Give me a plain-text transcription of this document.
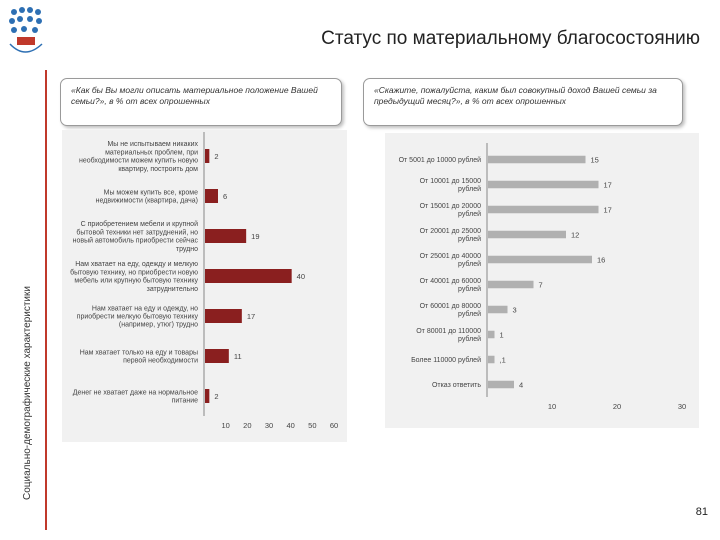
Статус по материальному благосостоянию
Социально-демографические характеристики
«Как бы Вы могли описать материальное положение Вашей семьи?», в % от всех опрошенных
«Скажите, пожалуйста, каким был совокупный доход Вашей семьи за предыдущий месяц?», в % от всех опрошенных
Мы не испытываем никаких
материальных проблем, при
необходимости можем купить новую
квартиру, построить дом
2
Мы можем купить все, кроме
недвижимости (квартира, дача)
6
С приобретением мебели и крупной
бытовой техники нет затруднений, но
новый автомобиль приобрести сейчас
трудно
19
Нам хватает на еду, одежду и мелкую
бытовую технику, но приобрести новую
мебель или крупную бытовую технику
затруднительно
40
Нам хватает на еду и одежду, но
приобрести мелкую бытовую технику
(например, утюг) трудно
17
Нам хватает только на еду и товары
первой необходимости
11
Денег не хватает даже на нормальное
питание
2
10 20 30 40 50 60
От 5001 до 10000 рублей	15
От 10001 до 15000
рублей
17
От 15001 до 20000
рублей
17
От 20001 до 25000
рублей
12
От 25001 до 40000
рублей
16
От 40001 до 60000
рублей
7
От 60001 до 80000
рублей
3
От 80001 до 110000
рублей
1
Более 110000 рублей ,1
Отказ ответить	4
10	20	30
81
